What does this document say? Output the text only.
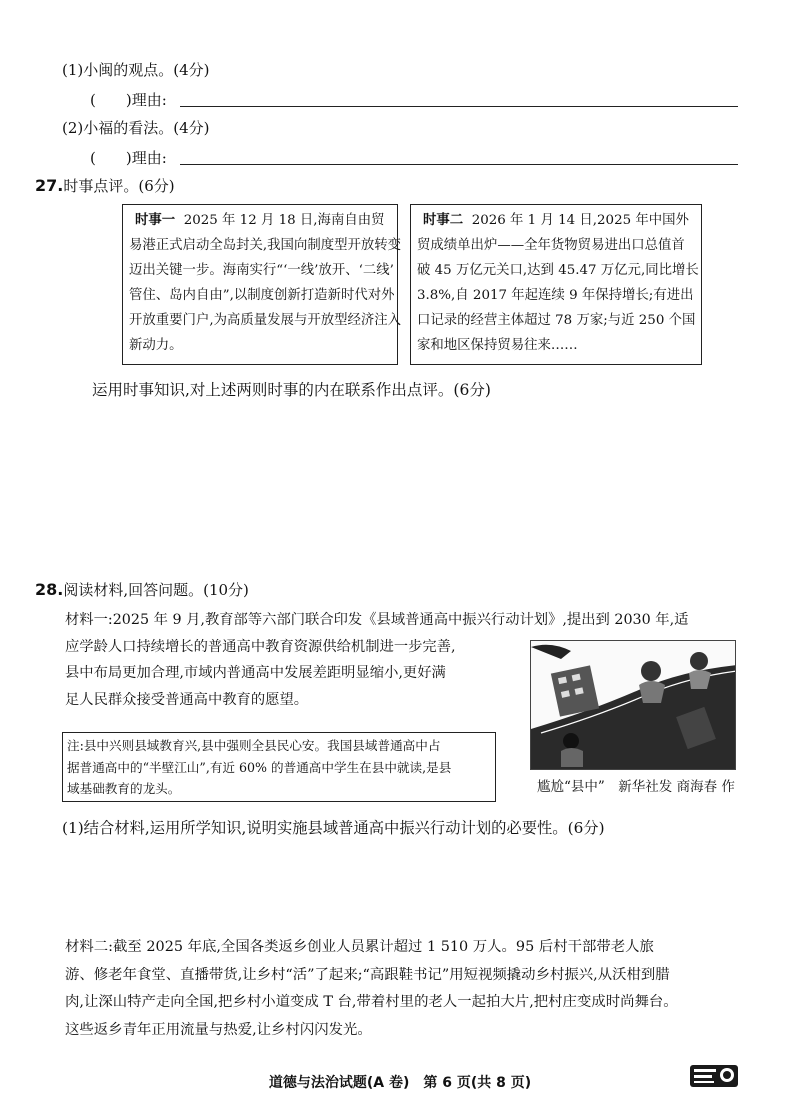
(1)小闽的观点。(4分)
(　　)理由:
(2)小福的看法。(4分)
(　　)理由:
27.时事点评。(6分)
时事一 2025 年 12 月 18 日,海南自由贸
易港正式启动全岛封关,我国向制度型开放转变
迈出关键一步。海南实行“‘一线’放开、‘二线’
管住、岛内自由”,以制度创新打造新时代对外
开放重要门户,为高质量发展与开放型经济注入
新动力。
时事二 2026 年 1 月 14 日,2025 年中国外
贸成绩单出炉——全年货物贸易进出口总值首
破 45 万亿元关口,达到 45.47 万亿元,同比增长
3.8%,自 2017 年起连续 9 年保持增长;有进出
口记录的经营主体超过 78 万家;与近 250 个国
家和地区保持贸易往来……
运用时事知识,对上述两则时事的内在联系作出点评。(6分)
28.阅读材料,回答问题。(10分)
材料一:2025 年 9 月,教育部等六部门联合印发《县域普通高中振兴行动计划》,提出到 2030 年,适
应学龄人口持续增长的普通高中教育资源供给机制进一步完善,
县中布局更加合理,市域内普通高中发展差距明显缩小,更好满
足人民群众接受普通高中教育的愿望。
注:县中兴则县域教育兴,县中强则全县民心安。我国县域普通高中占
据普通高中的“半壁江山”,有近 60% 的普通高中学生在县中就读,是县
域基础教育的龙头。	尴尬“县中”　新华社发 商海春 作
(1)结合材料,运用所学知识,说明实施县域普通高中振兴行动计划的必要性。(6分)
材料二:截至 2025 年底,全国各类返乡创业人员累计超过 1 510 万人。95 后村干部带老人旅
游、修老年食堂、直播带货,让乡村“活”了起来;“高跟鞋书记”用短视频撬动乡村振兴,从沃柑到腊
肉,让深山特产走向全国,把乡村小道变成 T 台,带着村里的老人一起拍大片,把村庄变成时尚舞台。
这些返乡青年正用流量与热爱,让乡村闪闪发光。
道德与法治试题(A 卷)　第 6 页(共 8 页)
